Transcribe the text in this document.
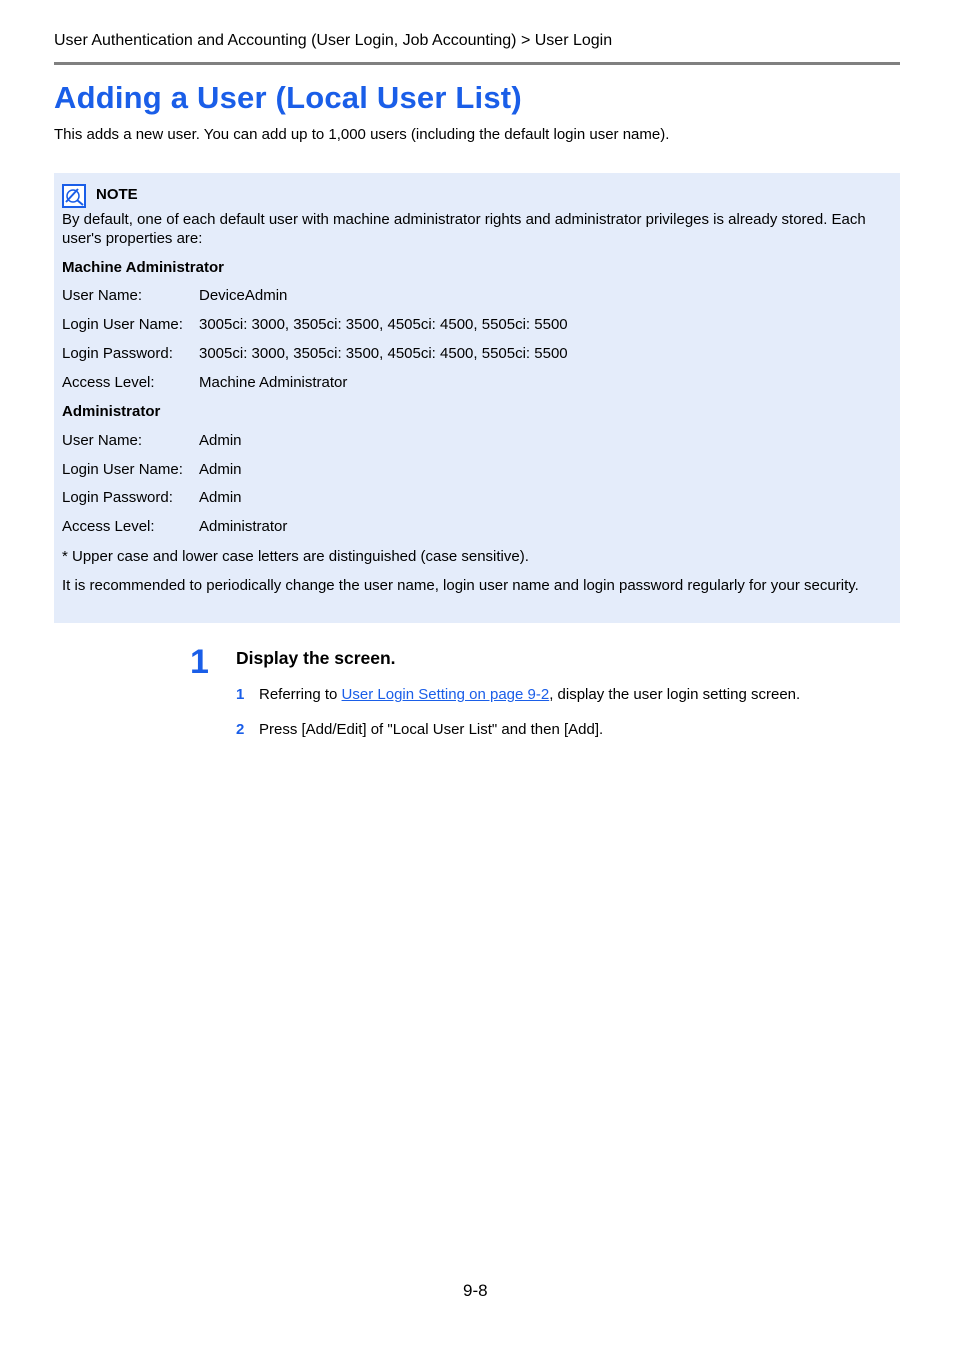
User Authentication and Accounting (User Login, Job Accounting) > User Login
Adding a User (Local User List)
This adds a new user. You can add up to 1,000 users (including the default login user name).
NOTE
By default, one of each default user with machine administrator rights and administrator privileges is already stored. Each user's properties are:
Machine Administrator
User Name:	DeviceAdmin
Login User Name: 3005ci: 3000, 3505ci: 3500, 4505ci: 4500, 5505ci: 5500
Login Password: 3005ci: 3000, 3505ci: 3500, 4505ci: 4500, 5505ci: 5500
Access Level:	Machine Administrator
Administrator
User Name:	Admin
Login User Name: Admin
Login Password: Admin
Access Level:	Administrator
* Upper case and lower case letters are distinguished (case sensitive).
It is recommended to periodically change the user name, login user name and login password regularly for your security.
1 Display the screen.
1 Referring to User Login Setting on page 9-2, display the user login setting screen.
2 Press [Add/Edit] of "Local User List" and then [Add].
9-8
